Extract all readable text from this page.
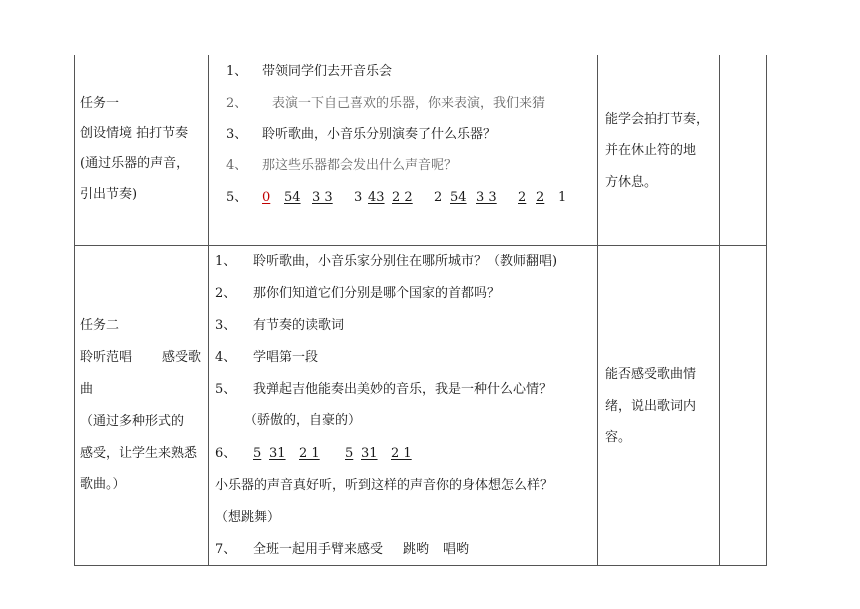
任务一
创设情境 拍打节奏
(通过乐器的声音，
引出节奏)
1、 带领同学们去开音乐会
2、 表演一下自己喜欢的乐器，你来表演，我们来猜
3、 聆听歌曲，小音乐分别演奏了什么乐器？
4、 那这些乐器都会发出什么声音呢？
5、 0 54 3 3 3 43 2 2 2 54 3 3 2 2 1
能学会拍打节奏，
并在休止符的地
方休息。
任务二
聆听范唱 感受歌
曲
（通过多种形式的
感受，让学生来熟悉
歌曲。）
1、 聆听歌曲，小音乐家分别住在哪所城市？（教师翻唱)
2、 那你们知道它们分别是哪个国家的首都吗？
3、 有节奏的读歌词
4、 学唱第一段
5、 我弹起吉他能奏出美妙的音乐，我是一种什么心情？
（骄傲的，自豪的）
6、 5 31 2 1 5 31 2 1
小乐器的声音真好听，听到这样的声音你的身体想怎么样？
（想跳舞）
7、 全班一起用手臂来感受 跳哟 唱哟
能否感受歌曲情
绪，说出歌词内
容。
